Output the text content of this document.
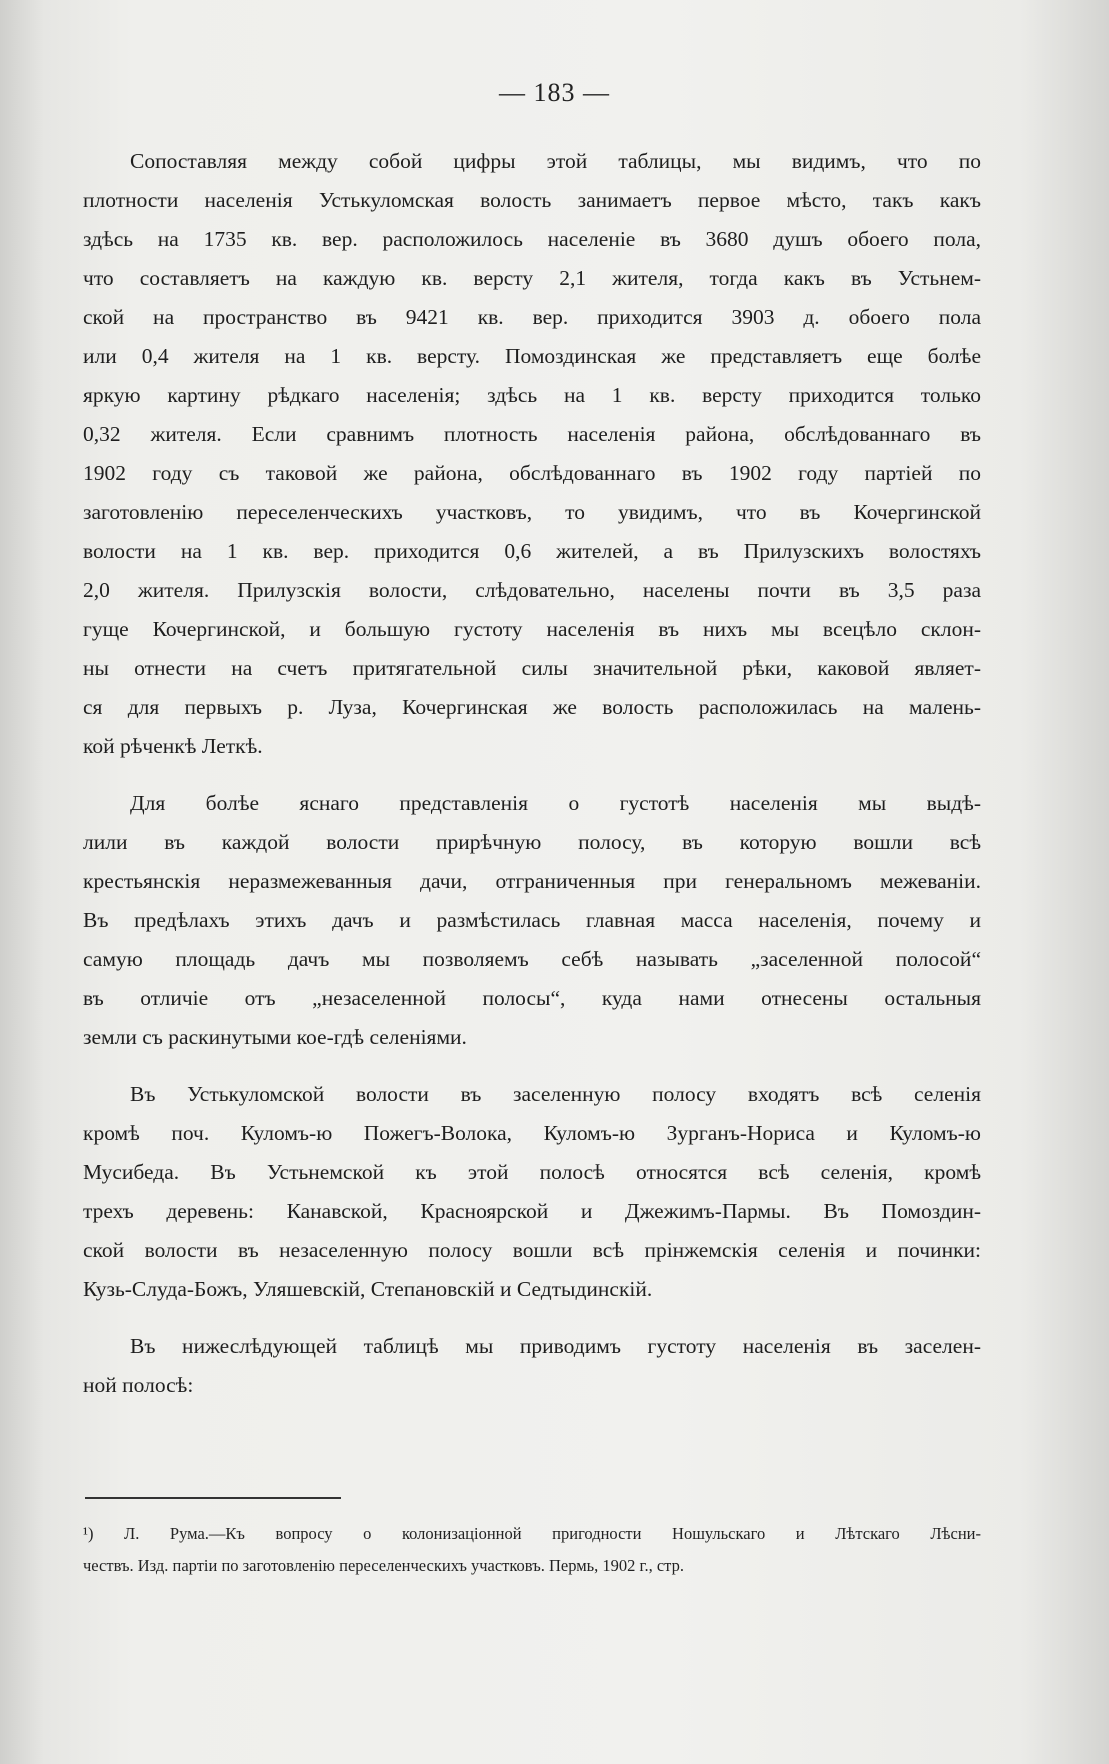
— 183 —

Сопоставляя между собой цифры этой таблицы, мы видимъ, что по
плотности населенія Устькуломская волость занимаетъ первое мѣсто, такъ какъ
здѣсь на 1735 кв. вер. расположилось населеніе въ 3680 душъ обоего пола,
что составляетъ на каждую кв. версту 2,1 жителя, тогда какъ въ Устьнем-
ской на пространство въ 9421 кв. вер. приходится 3903 д. обоего пола
или 0,4 жителя на 1 кв. версту. Помоздинская же представляетъ еще болѣе
яркую картину рѣдкаго населенія; здѣсь на 1 кв. версту приходится только
0,32 жителя. Если сравнимъ плотность населенія района, обслѣдованнаго въ
1902 году съ таковой же района, обслѣдованнаго въ 1902 году партіей по
заготовленію переселенческихъ участковъ, то увидимъ, что въ Кочергинской
волости на 1 кв. вер. приходится 0,6 жителей, а въ Прилузскихъ волостяхъ
2,0 жителя. Прилузскія волости, слѣдовательно, населены почти въ 3,5 раза
гуще Кочергинской, и большую густоту населенія въ нихъ мы всецѣло склон-
ны отнести на счетъ притягательной силы значительной рѣки, каковой являет-
ся для первыхъ р. Луза, Кочергинская же волость расположилась на малень-
кой рѣченкѣ Леткѣ.

Для болѣе яснаго представленія о густотѣ населенія мы выдѣ-
лили въ каждой волости прирѣчную полосу, въ которую вошли всѣ
крестьянскія неразмежеванныя дачи, отграниченныя при генеральномъ межеваніи.
Въ предѣлахъ этихъ дачъ и размѣстилась главная масса населенія, почему и
самую площадь дачъ мы позволяемъ себѣ называть „заселенной полосой“
въ отличіе отъ „незаселенной полосы“, куда нами отнесены остальныя
земли съ раскинутыми кое-гдѣ селеніями.

Въ Устькуломской волости въ заселенную полосу входятъ всѣ селенія
кромѣ поч. Куломъ-ю Пожегъ-Волока, Куломъ-ю Зурганъ-Нориса и Куломъ-ю
Мусибеда. Въ Устьнемской къ этой полосѣ относятся всѣ селенія, кромѣ
трехъ деревень: Канавской, Красноярской и Джежимъ-Пармы. Въ Помоздин-
ской волости въ незаселенную полосу вошли всѣ прінжемскія селенія и починки:
Кузь-Слуда-Божъ, Уляшевскій, Степановскій и Седтыдинскій.

Въ нижеслѣдующей таблицѣ мы приводимъ густоту населенія въ заселен-
ной полосѣ:

¹) Л. Рума.—Къ вопросу о колонизаціонной пригодности Ношульскаго и Лѣтскаго Лѣсни-
чествъ. Изд. партіи по заготовленію переселенческихъ участковъ. Пермь, 1902 г., стр.
